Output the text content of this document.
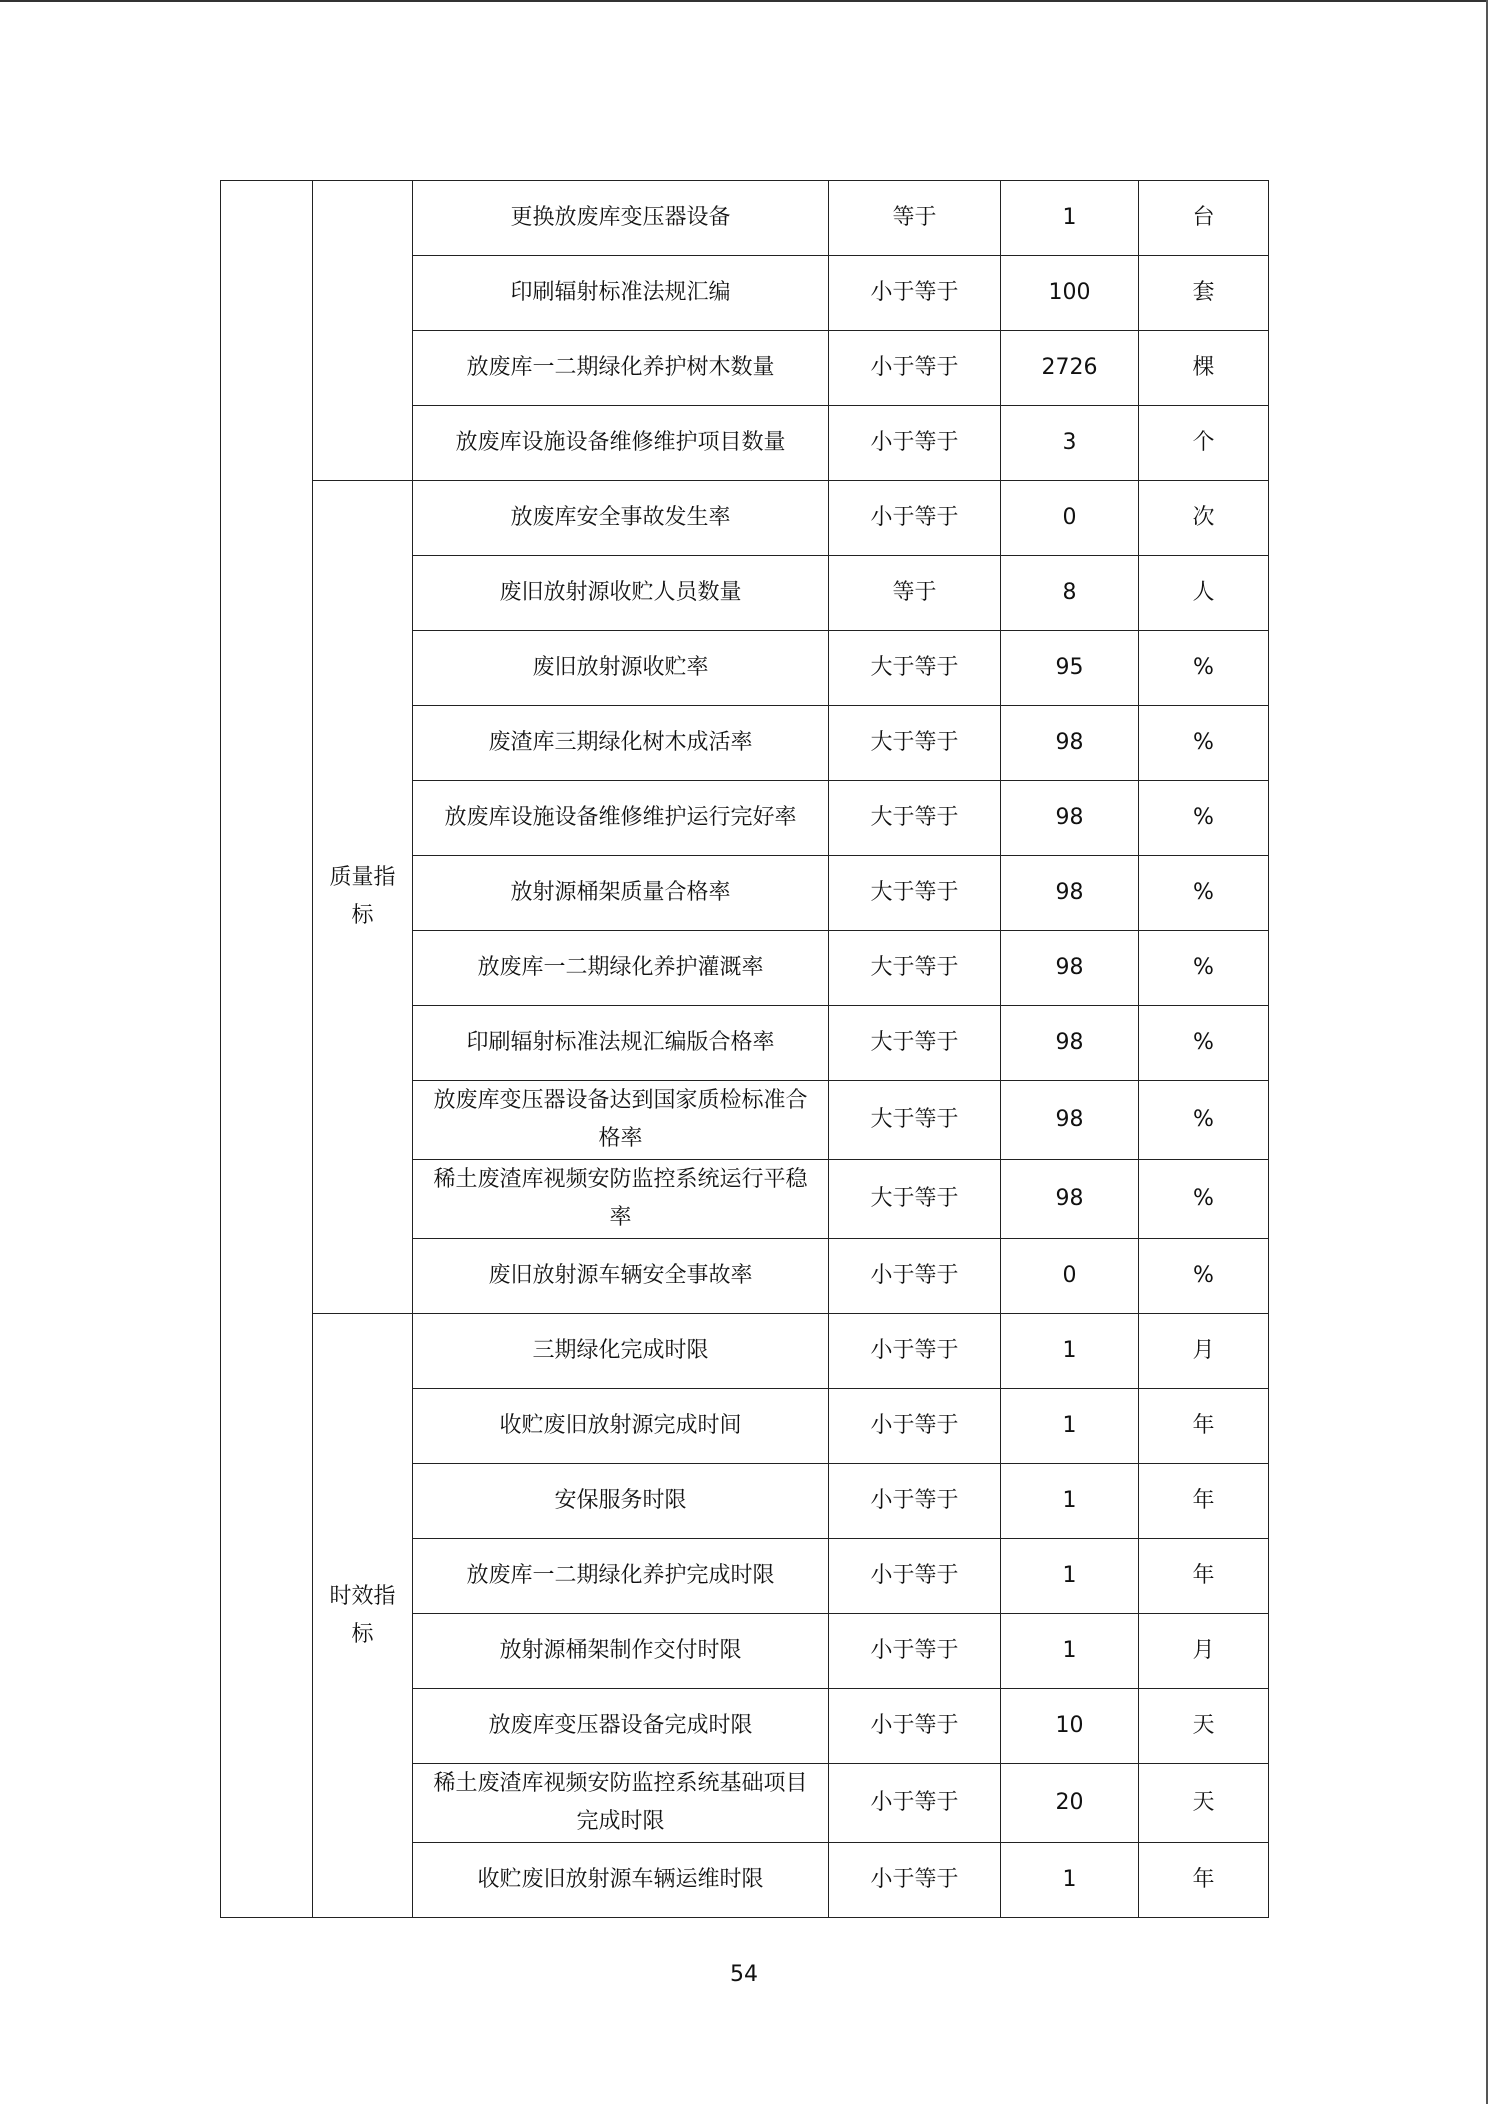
		更换放废库变压器设备	等于	1	台
		印刷辐射标准法规汇编	小于等于	100	套
		放废库一二期绿化养护树木数量	小于等于	2726	棵
		放废库设施设备维修维护项目数量	小于等于	3	个
	质量指标	放废库安全事故发生率	小于等于	0	次
		废旧放射源收贮人员数量	等于	8	人
		废旧放射源收贮率	大于等于	95	%
		废渣库三期绿化树木成活率	大于等于	98	%
		放废库设施设备维修维护运行完好率	大于等于	98	%
		放射源桶架质量合格率	大于等于	98	%
		放废库一二期绿化养护灌溉率	大于等于	98	%
		印刷辐射标准法规汇编版合格率	大于等于	98	%
		放废库变压器设备达到国家质检标准合格率	大于等于	98	%
		稀土废渣库视频安防监控系统运行平稳率	大于等于	98	%
		废旧放射源车辆安全事故率	小于等于	0	%
	时效指标	三期绿化完成时限	小于等于	1	月
		收贮废旧放射源完成时间	小于等于	1	年
		安保服务时限	小于等于	1	年
		放废库一二期绿化养护完成时限	小于等于	1	年
		放射源桶架制作交付时限	小于等于	1	月
		放废库变压器设备完成时限	小于等于	10	天
		稀土废渣库视频安防监控系统基础项目完成时限	小于等于	20	天
		收贮废旧放射源车辆运维时限	小于等于	1	年
54
